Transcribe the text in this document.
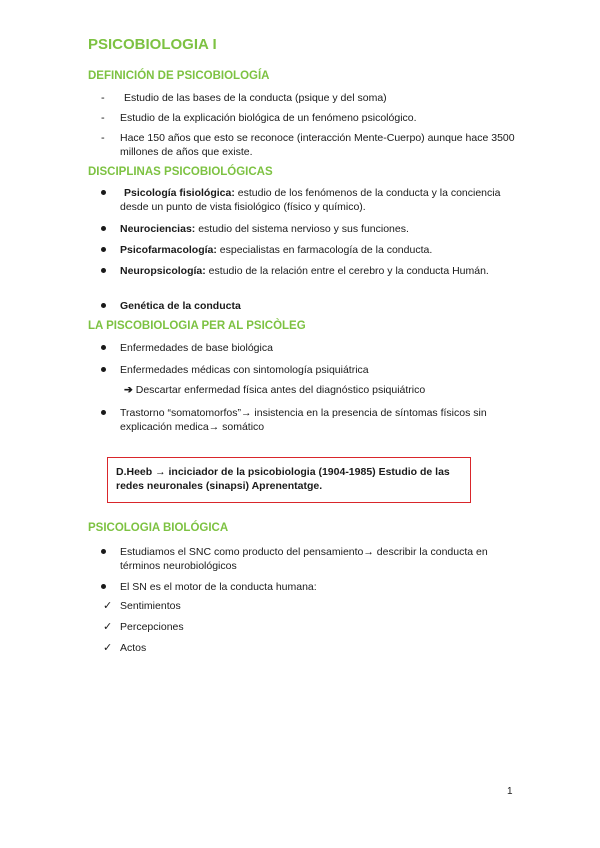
PSICOBIOLOGIA I
DEFINICIÓN DE PSICOBIOLOGÍA
- Estudio de las bases de la conducta (psique y del soma)
- Estudio de la explicación biológica de un fenómeno psicológico.
- Hace 150 años que esto se reconoce (interacción Mente-Cuerpo) aunque hace 3500 millones de años que existe.
DISCIPLINAS PSICOBIOLÓGICAS
Psicología fisiológica: estudio de los fenómenos de la conducta y la conciencia desde un punto de vista fisiológico (físico y químico).
Neurociencias: estudio del sistema nervioso y sus funciones.
Psicofarmacología: especialistas en farmacología de la conducta.
Neuropsicología: estudio de la relación entre el cerebro y la conducta Humán.
Genética de la conducta
LA PISCOBIOLOGIA PER AL PSICÒLEG
Enfermedades de base biológica
Enfermedades médicas con sintomología psiquiátrica
➔ Descartar enfermedad física antes del diagnóstico psiquiátrico
Trastorno “somatomorfos”→ insistencia en la presencia de síntomas físicos sin explicación medica→ somático
D.Heeb → inciciador de la psicobiologia (1904-1985) Estudio de las redes neuronales (sinapsi) Aprenentatge.
PSICOLOGIA BIOLÓGICA
Estudiamos el SNC como producto del pensamiento→ describir la conducta en términos neurobiológicos
El SN es el motor de la conducta humana:
✓ Sentimientos
✓ Percepciones
✓ Actos
1
